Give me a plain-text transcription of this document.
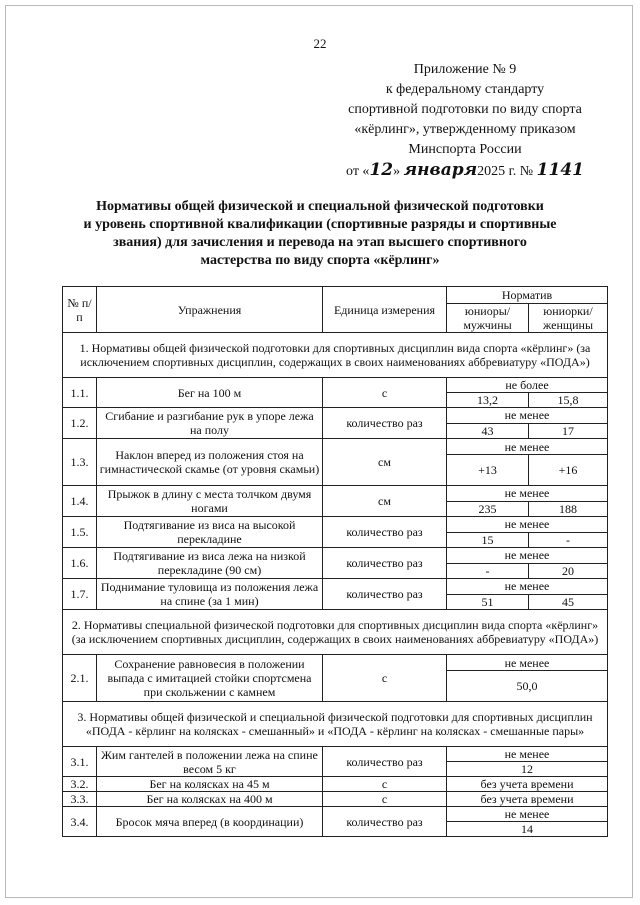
22
Приложение № 9
к федеральному стандарту
спортивной подготовки по виду спорта
«кёрлинг», утвержденному приказом
Минспорта России
от «12» января2025 г. № 1141
Нормативы общей физической и специальной физической подготовки
и уровень спортивной квалификации (спортивные разряды и спортивные
звания) для зачисления и перевода на этап высшего спортивного
мастерства по виду спорта «кёрлинг»
№ п/п	Упражнения	Единица измерения	Норматив	
			юниоры/ мужчины	юниорки/ женщины
1. Нормативы общей физической подготовки для спортивных дисциплин вида спорта «кёрлинг» (за исключением спортивных дисциплин, содержащих в своих наименованиях аббревиатуру «ПОДА»)				
1.1.	Бег на 100 м	с	не более	
			13,2	15,8
1.2.	Сгибание и разгибание рук в упоре лежа на полу	количество раз	не менее	
			43	17
1.3.	Наклон вперед из положения стоя на гимнастической скамье (от уровня скамьи)	см	не менее	
			+13	+16
1.4.	Прыжок в длину с места толчком двумя ногами	см	не менее	
			235	188
1.5.	Подтягивание из виса на высокой перекладине	количество раз	не менее	
			15	-
1.6.	Подтягивание из виса лежа на низкой перекладине (90 см)	количество раз	не менее	
			-	20
1.7.	Поднимание туловища из положения лежа на спине (за 1 мин)	количество раз	не менее	
			51	45
2. Нормативы специальной физической подготовки для спортивных дисциплин вида спорта «кёрлинг» (за исключением спортивных дисциплин, содержащих в своих наименованиях аббревиатуру «ПОДА»)				
2.1.	Сохранение равновесия в положении выпада с имитацией стойки спортсмена при скольжении с камнем	с	не менее	
			50,0	
3. Нормативы общей физической и специальной физической подготовки для спортивных дисциплин «ПОДА - кёрлинг на колясках - смешанный» и «ПОДА - кёрлинг на колясках - смешанные пары»				
3.1.	Жим гантелей в положении лежа на спине весом 5 кг	количество раз	не менее	
			12	
3.2.	Бег на колясках на 45 м	с	без учета времени	
3.3.	Бег на колясках на 400 м	с	без учета времени	
3.4.	Бросок мяча вперед (в координации)	количество раз	не менее	
			14	
